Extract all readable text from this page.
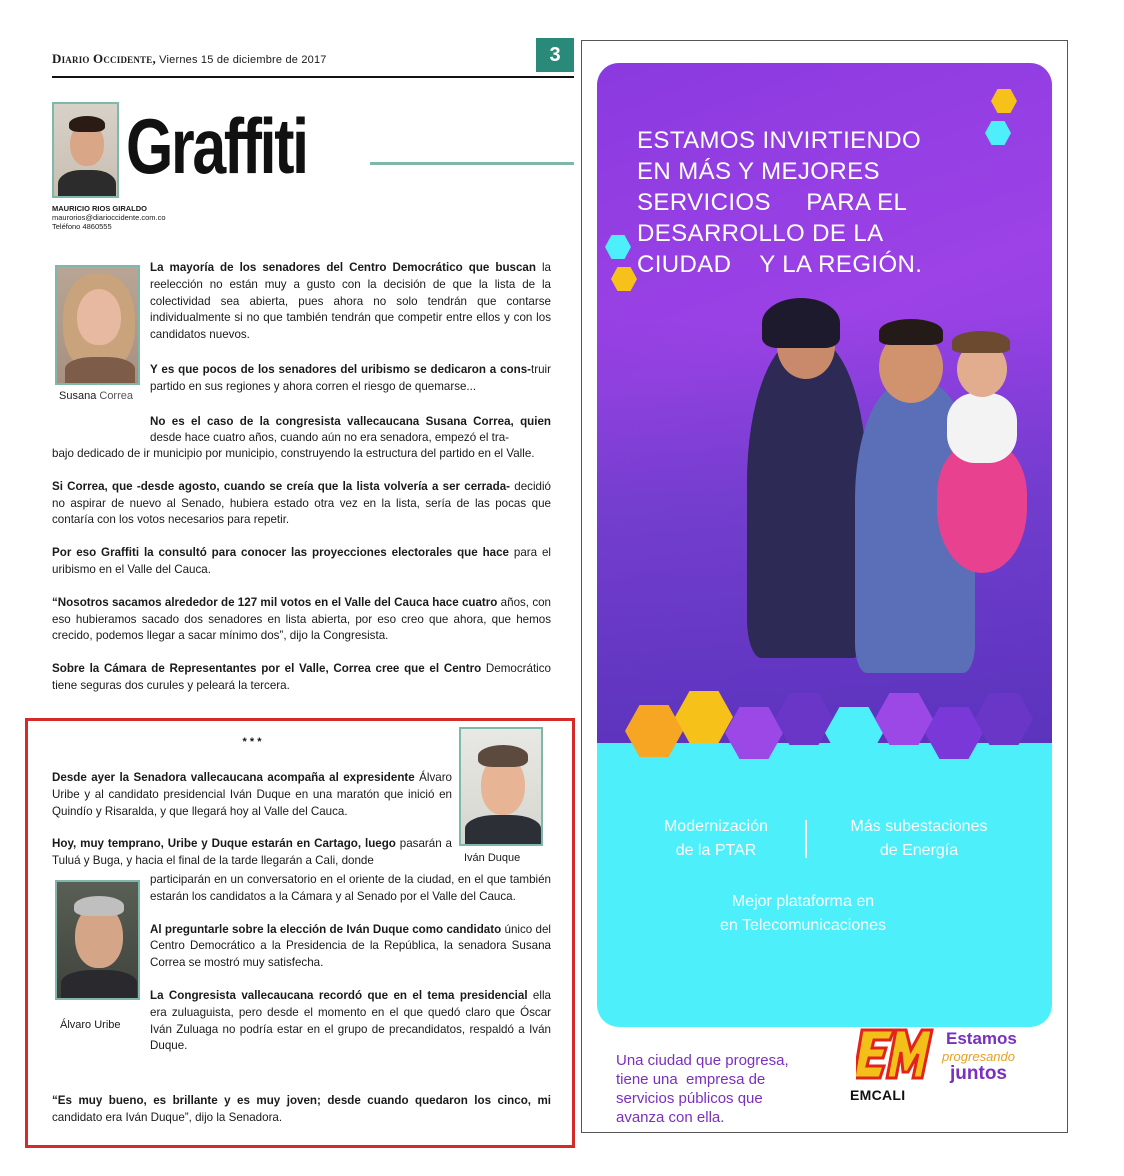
Diario Occidente, Viernes 15 de diciembre de 2017	3
Graffiti
MAURICIO RIOS GIRALDO
maurorios@diarioccidente.com.co
Teléfono 4860555
Susana Correa

La mayoría de los senadores del Centro Democrático que buscan la reelección no están muy a gusto con la decisión de que la lista de la colectividad sea abierta, pues ahora no solo tendrán que contarse individualmente si no que también tendrán que competir entre ellos y con los candidatos nuevos.

Y es que pocos de los senadores del uribismo se dedicaron a cons-truir partido en sus regiones y ahora corren el riesgo de quemarse...

No es el caso de la congresista vallecaucana Susana Correa, quien desde hace cuatro años, cuando aún no era senadora, empezó el tra-

bajo dedicado de ir municipio por municipio, construyendo la estructura del partido en el Valle.

Si Correa, que -desde agosto, cuando se creía que la lista volvería a ser cerrada- decidió no aspirar de nuevo al Senado, hubiera estado otra vez en la lista, sería de las pocas que contaría con los votos necesarios para repetir.

Por eso Graffiti la consultó para conocer las proyecciones electorales que hace para el uribismo en el Valle del Cauca.

“Nosotros sacamos alrededor de 127 mil votos en el Valle del Cauca hace cuatro años, con eso hubieramos sacado dos senadores en lista abierta, por eso creo que ahora, que hemos crecido, podemos llegar a sacar mínimo dos”, dijo la Congresista.

Sobre la Cámara de Representantes por el Valle, Correa cree que el Centro Democrático tiene seguras dos curules y peleará la tercera.

* * *
Iván Duque
Álvaro Uribe

Desde ayer la Senadora vallecaucana acompaña al expresidente Álvaro Uribe y al candidato presidencial Iván Duque en una maratón que inició en Quindío y Risaralda, y que llegará hoy al Valle del Cauca.

Hoy, muy temprano, Uribe y Duque estarán en Cartago, luego pasarán a Tuluá y Buga, y hacia el final de la tarde llegarán a Cali, donde

participarán en un conversatorio en el oriente de la ciudad, en el que también estarán los candidatos a la Cámara y al Senado por el Valle del Cauca.

Al preguntarle sobre la elección de Iván Duque como candidato único del Centro Democrático a la Presidencia de la República, la senadora Susana Correa se mostró muy satisfecha.

La Congresista vallecaucana recordó que en el tema presidencial ella era zuluaguista, pero desde el momento en el que quedó claro que Óscar Iván Zuluaga no podría estar en el grupo de precandidatos, respaldó a Iván Duque.

“Es muy bueno, es brillante y es muy joven; desde cuando quedaron los cinco, mi candidato era Iván Duque”, dijo la Senadora.

ESTAMOS INVIRTIENDO
EN MÁS Y MEJORES
SERVICIOS     PARA EL
DESARROLLO DE LA
CIUDAD    Y LA REGIÓN.
Modernización
de la PTAR
Más subestaciones
de Energía
Mejor plataforma en
en Telecomunicaciones
Una ciudad que progresa,
tiene una  empresa de
servicios públicos que
avanza con ella.
EMCALI
Estamos
progresando
juntos
